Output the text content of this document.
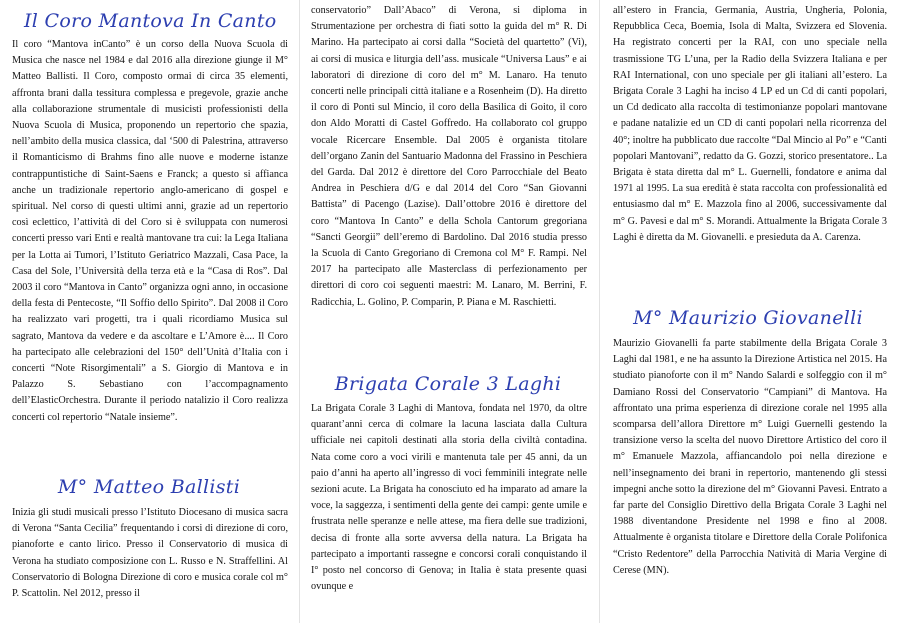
Il Coro Mantova In Canto

Il coro “Mantova inCanto” è un corso della Nuova Scuola di Musica che nasce nel 1984 e dal 2016 alla direzione giunge il M° Matteo Ballisti. Il Coro, composto ormai di circa 35 elementi, affronta brani dalla tessitura complessa e pregevole, grazie anche alla collaborazione strumentale di musicisti professionisti della Nuova Scuola di Musica, proponendo un repertorio che spazia, nell’ambito della musica classica, dal ‘500 di Palestrina, attraverso il Romanticismo di Brahms fino alle nuove e moderne istanze contrappuntistiche di Saint-Saens e Franck; a questo si affianca anche un tradizionale repertorio anglo-americano di gospel e spiritual. Nel corso di questi ultimi anni, grazie ad un repertorio così eclettico, l’attività di del Coro si è sviluppata con numerosi concerti presso vari Enti e realtà mantovane tra cui: la Lega Italiana per la Lotta ai Tumori, l’Istituto Geriatrico Mazzali, Casa Pace, la Casa del Sole, l’Università della terza età e la “Casa di Ros”. Dal 2003 il coro “Mantova in Canto” organizza ogni anno, in occasione della festa di Pentecoste, “Il Soffio dello Spirito”. Dal 2008 il Coro ha realizzato vari progetti, tra i quali ricordiamo Musica sul sagrato, Mantova da vedere e da ascoltare e L’Amore è.... Il Coro ha partecipato alle celebrazioni del 150° dell’Unità d’Italia con i concerti “Note Risorgimentali” a S. Giorgio di Mantova e in Palazzo S. Sebastiano con l’accompagnamento dell’ElasticOrchestra. Durante il periodo natalizio il Coro realizza concerti col repertorio “Natale insieme”.

M° Matteo Ballisti

Inizia gli studi musicali presso l’Istituto Diocesano di musica sacra di Verona “Santa Cecilia” frequentando i corsi di direzione di coro, pianoforte e canto lirico. Presso il Conservatorio di musica di Verona ha studiato composizione con L. Russo e N. Straffellini. Al Conservatorio di Bologna Direzione di coro e musica corale col m° P. Scattolin. Nel 2012, presso il

conservatorio” Dall’Abaco” di Verona, si diploma in Strumentazione per orchestra di fiati sotto la guida del m° R. Di Marino. Ha partecipato ai corsi dalla “Società del quartetto” (Vi), ai corsi di musica e liturgia dell’ass. musicale “Universa Laus” e ai laboratori di direzione di coro del m° M. Lanaro. Ha tenuto concerti nelle principali città italiane e a Rosenheim (D). Ha diretto il coro di Ponti sul Mincio, il coro della Basilica di Goito, il coro don Aldo Moratti di Castel Goffredo. Ha collaborato col gruppo vocale Ricercare Ensemble. Dal 2005 è organista titolare dell’organo Zanin del Santuario Madonna del Frassino in Peschiera del Garda. Dal 2012 è direttore del Coro Parrocchiale del Beato Andrea in Peschiera d/G e dal 2014 del Coro “San Giovanni Battista” di Pacengo (Lazise). Dall’ottobre 2016 è direttore del coro “Mantova In Canto” e della Schola Cantorum gregoriana “Sancti Georgii” dell’eremo di Bardolino. Dal 2016 studia presso la Scuola di Canto Gregoriano di Cremona col M° F. Rampi. Nel 2017 ha partecipato alle Masterclass di perfezionamento per direttori di coro coi seguenti maestri: M. Lanaro, M. Berrini, F. Radicchia, L. Golino, P. Comparin, P. Piana e M. Raschietti.

Brigata Corale 3 Laghi

La Brigata Corale 3 Laghi di Mantova, fondata nel 1970, da oltre quarant’anni cerca di colmare la lacuna lasciata dalla Cultura ufficiale nei capitoli destinati alla storia della civiltà contadina. Nata come coro a voci virili e mantenuta tale per 45 anni, da un paio d’anni ha aperto all’ingresso di voci femminili integrate nelle sezioni acute. La Brigata ha conosciuto ed ha imparato ad amare la voce, la saggezza, i sentimenti della gente dei campi: gente umile e frustrata nelle speranze e nelle attese, ma fiera delle sue tradizioni, decisa di fronte alla sorte avversa della natura. La Brigata ha partecipato a importanti rassegne e concorsi corali conquistando il I° posto nel concorso di Genova; in Italia è stata presente quasi ovunque e

all’estero in Francia, Germania, Austria, Ungheria, Polonia, Repubblica Ceca, Boemia, Isola di Malta, Svizzera ed Slovenia. Ha registrato concerti per la RAI, con uno speciale nella trasmissione TG L’una, per la Radio della Svizzera Italiana e per RAI International, con uno speciale per gli italiani all’estero. La Brigata Corale 3 Laghi ha inciso 4 LP ed un Cd di canti popolari, un Cd dedicato alla raccolta di testimonianze popolari mantovane e padane natalizie ed un CD di canti popolari nella ricorrenza del 40°; inoltre ha pubblicato due raccolte “Dal Mincio al Po” e “Canti popolari Mantovani”, redatto da G. Gozzi, storico presentatore.. La Brigata è stata diretta dal m° L. Guernelli, fondatore e anima dal 1971 al 1995. La sua eredità è stata raccolta con professionalità ed entusiasmo dal m° E. Mazzola fino al 2006, successivamente dal m° G. Pavesi e dal m° S. Morandi. Attualmente la Brigata Corale 3 Laghi è diretta da M. Giovanelli. e presieduta da A. Carenza.

M° Maurizio Giovanelli

Maurizio Giovanelli fa parte stabilmente della Brigata Corale 3 Laghi dal 1981, e ne ha assunto la Direzione Artistica nel 2015. Ha studiato pianoforte con il m° Nando Salardi e solfeggio con il m° Damiano Rossi del Conservatorio “Campiani” di Mantova. Ha affrontato una prima esperienza di direzione corale nel 1995 alla scomparsa dell’allora Direttore m° Luigi Guernelli gestendo la transizione verso la scelta del nuovo Direttore Artistico del coro il m° Emanuele Mazzola, affiancandolo poi nella direzione e nell’insegnamento dei brani in repertorio, mantenendo gli stessi impegni anche sotto la direzione del m° Giovanni Pavesi. Entrato a far parte del Consiglio Direttivo della Brigata Corale 3 Laghi nel 1988 diventandone Presidente nel 1998 e fino al 2008. Attualmente è organista titolare e Direttore della Corale Polifonica “Cristo Redentore” della Parrocchia Natività di Maria Vergine di Cerese (MN).
